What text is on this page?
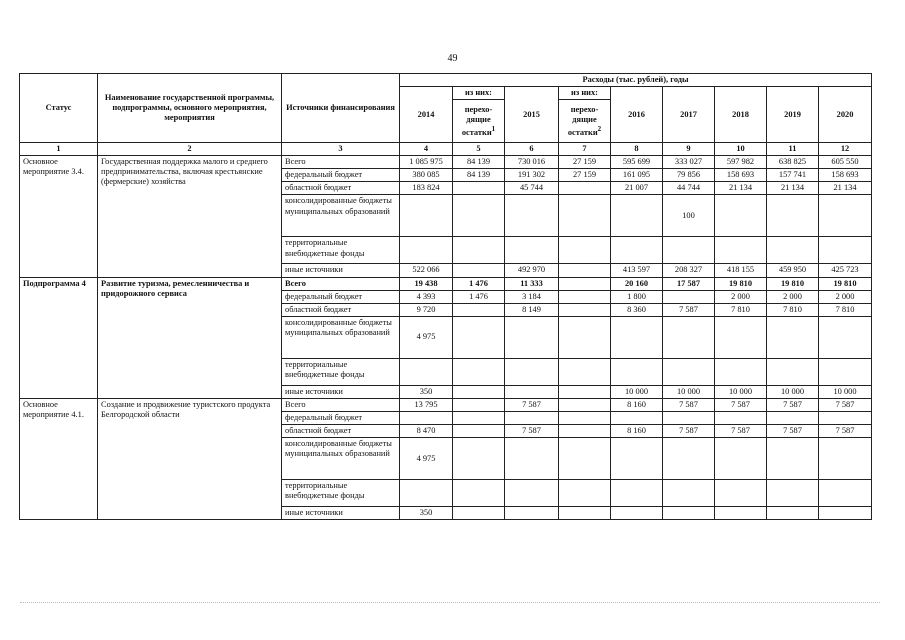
49
Статус	Наименование государственной программы, подпрограммы, основного мероприятия, мероприятия	Источники финансирования	Расходы (тыс. рублей), годы								
			2014	из них:	2015	из них:	2016	2017	2018	2019	2020
				перехо-дящие остатки$^1$		перехо-дящие остатки$^2$
1	2	3	4	5	6	7	8	9	10	11	12
Основное мероприятие 3.4.	Государственная поддержка малого и среднего предпринимательства, включая крестьянские (фермерские) хозяйства	Всего	1 085 975	84 139	730 016	27 159	595 699	333 027	597 982	638 825	605 550
		федеральный бюджет	380 085	84 139	191 302	27 159	161 095	79 856	158 693	157 741	158 693
		областной бюджет	183 824		45 744		21 007	44 744	21 134	21 134	21 134
		консолидированные бюджеты муниципальных образований						100			
		территориальные внебюджетные фонды									
		иные источники	522 066		492 970		413 597	208 327	418 155	459 950	425 723
Подпрограмма 4	Развитие туризма, ремесленничества и придорожного сервиса	Всего	19 438	1 476	11 333		20 160	17 587	19 810	19 810	19 810
		федеральный бюджет	4 393	1 476	3 184		1 800		2 000	2 000	2 000
		областной бюджет	9 720		8 149		8 360	7 587	7 810	7 810	7 810
		консолидированные бюджеты муниципальных образований	4 975								
		территориальные внебюджетные фонды									
		иные источники	350				10 000	10 000	10 000	10 000	10 000
Основное мероприятие 4.1.	Создание и продвижение туристского продукта Белгородской области	Всего	13 795		7 587		8 160	7 587	7 587	7 587	7 587
		федеральный бюджет									
		областной бюджет	8 470		7 587		8 160	7 587	7 587	7 587	7 587
		консолидированные бюджеты муниципальных образований	4 975								
		территориальные внебюджетные фонды									
		иные источники	350								
